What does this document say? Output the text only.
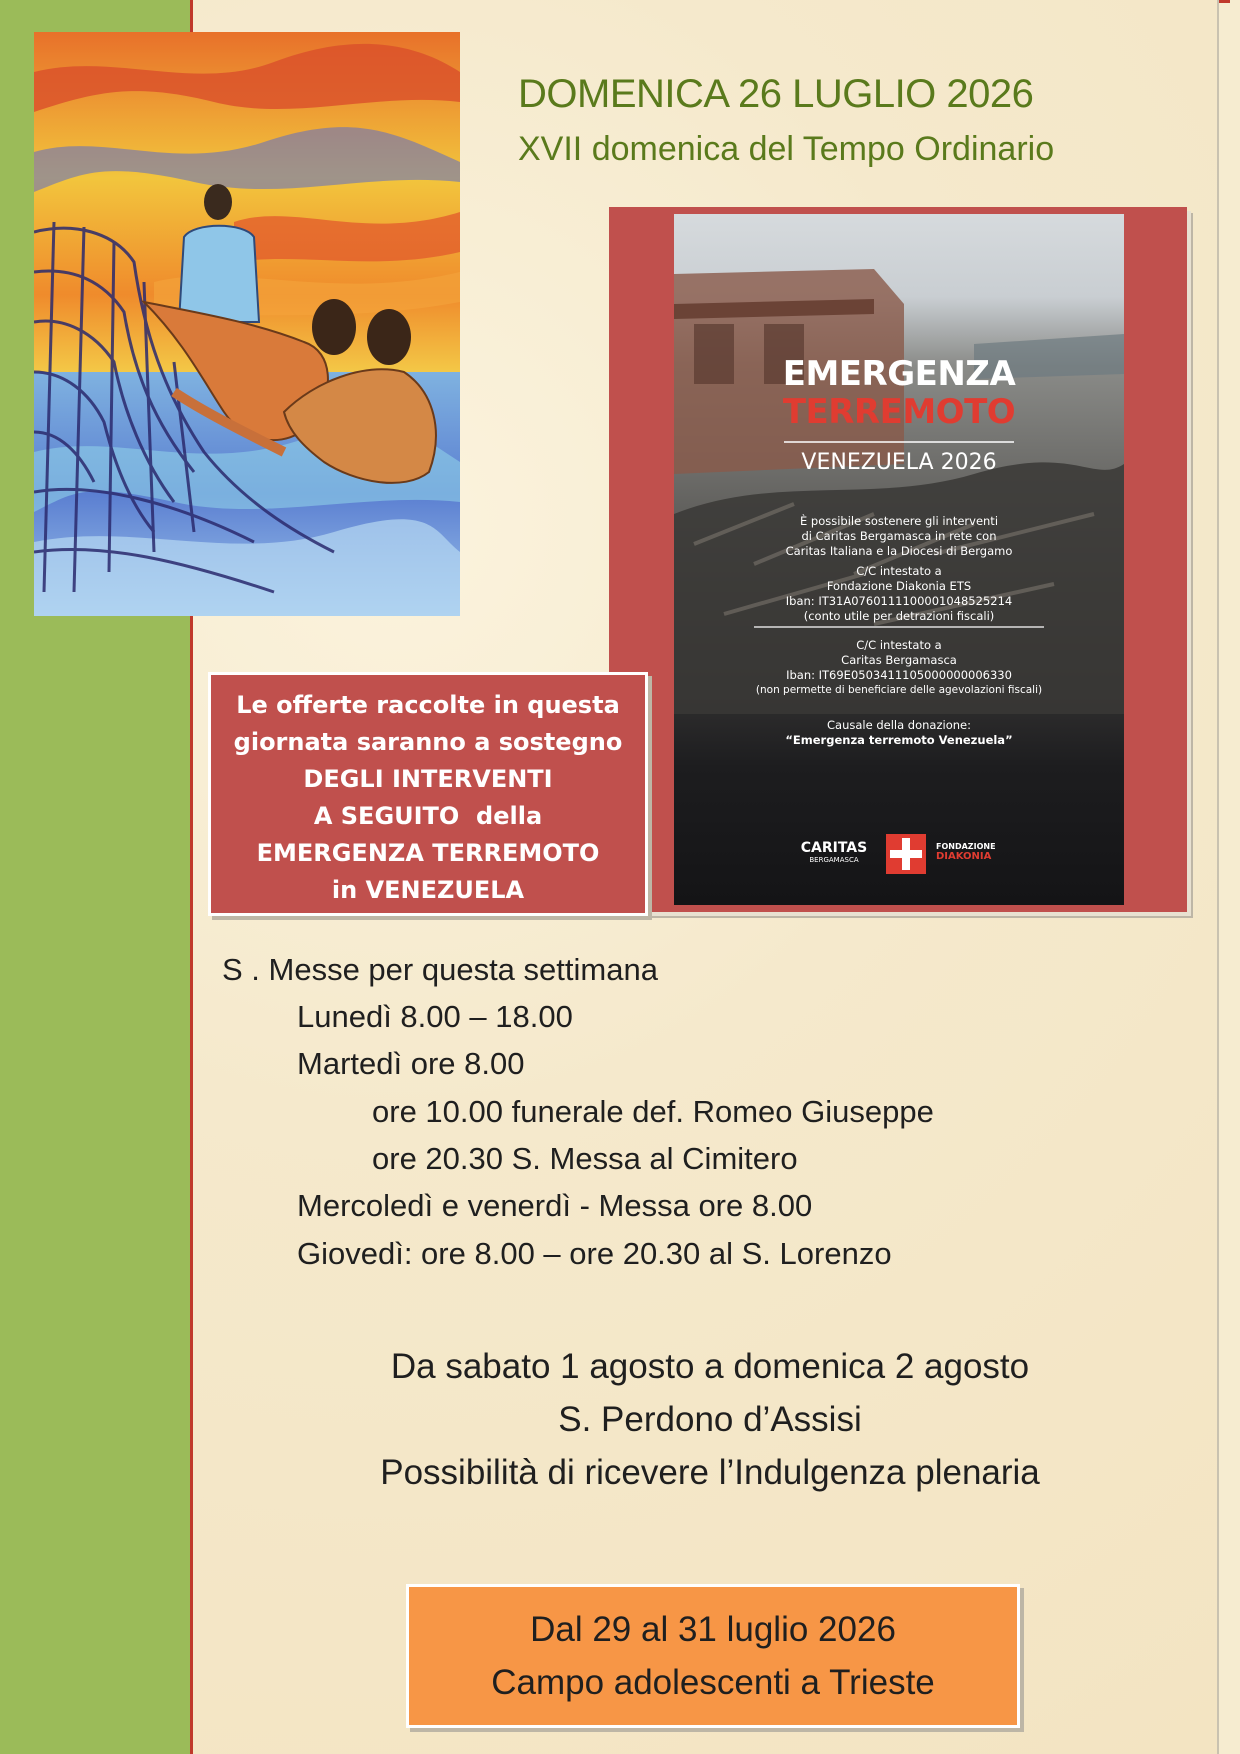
DOMENICA 26 LUGLIO 2026
XVII domenica del Tempo Ordinario
EMERGENZA
TERREMOTO
VENEZUELA 2026
È possibile sostenere gli interventi
di Caritas Bergamasca in rete con
Caritas Italiana e la Diocesi di Bergamo
C/C intestato a
Fondazione Diakonia ETS
Iban: IT31A0760111100001048525214
(conto utile per detrazioni fiscali)
C/C intestato a
Caritas Bergamasca
Iban: IT69E0503411105000000006330
(non permette di beneficiare delle agevolazioni fiscali)
Causale della donazione:
“Emergenza terremoto Venezuela”
CARITAS
BERGAMASCA
FONDAZIONE
DIAKONIA
Le offerte raccolte in questa
giornata saranno a sostegno
DEGLI INTERVENTI
A SEGUITO  della
EMERGENZA TERREMOTO
in VENEZUELA
S . Messe per questa settimana
Lunedì 8.00 – 18.00
Martedì ore 8.00
ore 10.00 funerale def. Romeo Giuseppe
ore 20.30 S. Messa al Cimitero
Mercoledì e venerdì - Messa ore 8.00
Giovedì: ore 8.00 – ore 20.30 al S. Lorenzo
Da sabato 1 agosto a domenica 2 agosto
S. Perdono d’Assisi
Possibilità di ricevere l’Indulgenza plenaria
Dal 29 al 31 luglio 2026
Campo adolescenti a Trieste
